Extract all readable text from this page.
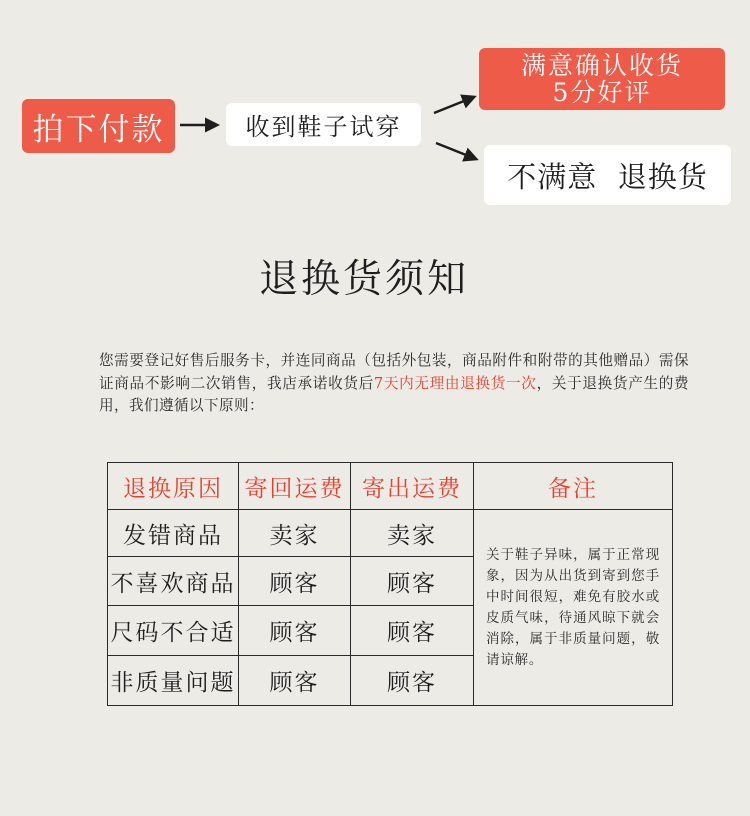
拍下付款	收到鞋子试穿
满意确认收货
5分好评
不满意  退换货
退换货须知
您需要登记好售后服务卡，并连同商品（包括外包装，商品附件和附带的其他赠品）需保证商品不影响二次销售，我店承诺收货后7天内无理由退换货一次，关于退换货产生的费用，我们遵循以下原则：
退换原因	寄回运费	寄出运费	备注
发错商品	卖家	卖家	关于鞋子异味，属于正常现象，因为从出货到寄到您手中时间很短，难免有胶水或皮质气味，待通风晾下就会消除，属于非质量问题，敬请谅解。
不喜欢商品	顾客	顾客	
尺码不合适	顾客	顾客	
非质量问题	顾客	顾客	
